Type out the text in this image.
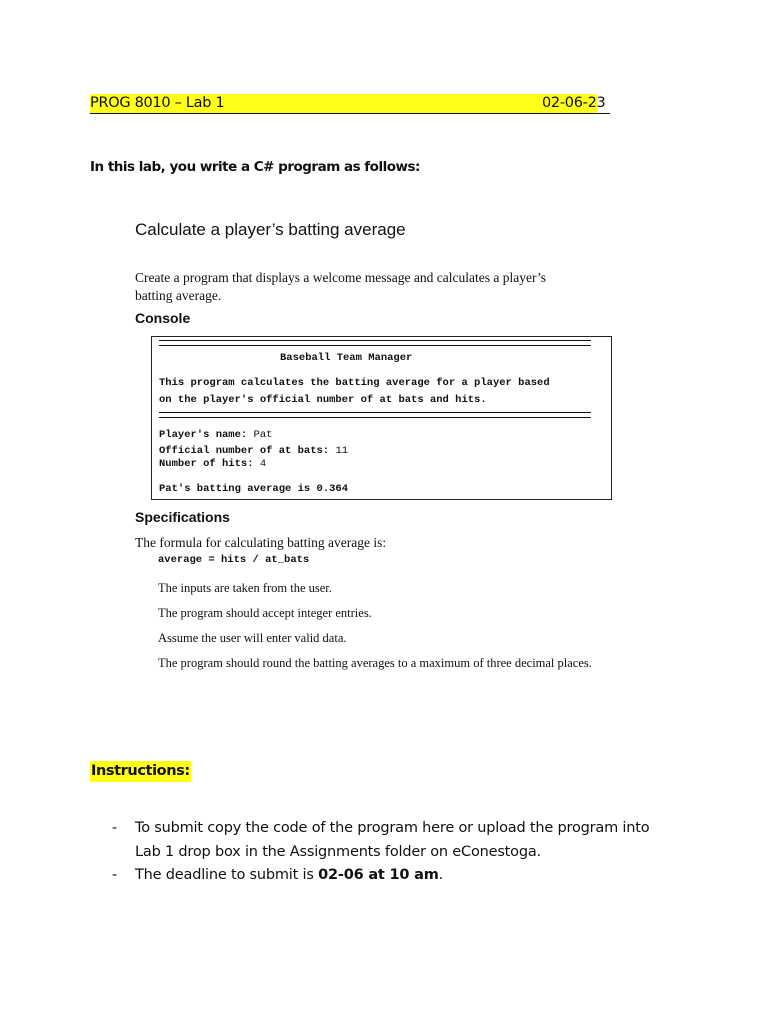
PROG 8010 – Lab 1	02-06-23
In this lab, you write a C# program as follows:
Calculate a player’s batting average
Create a program that displays a welcome message and calculates a player’s batting average.
Console
Baseball Team Manager
This program calculates the batting average for a player based
on the player's official number of at bats and hits.
Player's name: Pat
Official number of at bats: 11
Number of hits: 4
Pat's batting average is 0.364
Specifications
The formula for calculating batting average is:
average = hits / at_bats
The inputs are taken from the user.
The program should accept integer entries.
Assume the user will enter valid data.
The program should round the batting averages to a maximum of three decimal places.
Instructions:
- To submit copy the code of the program here or upload the program into Lab 1 drop box in the Assignments folder on eConestoga.
- The deadline to submit is 02-06 at 10 am.
